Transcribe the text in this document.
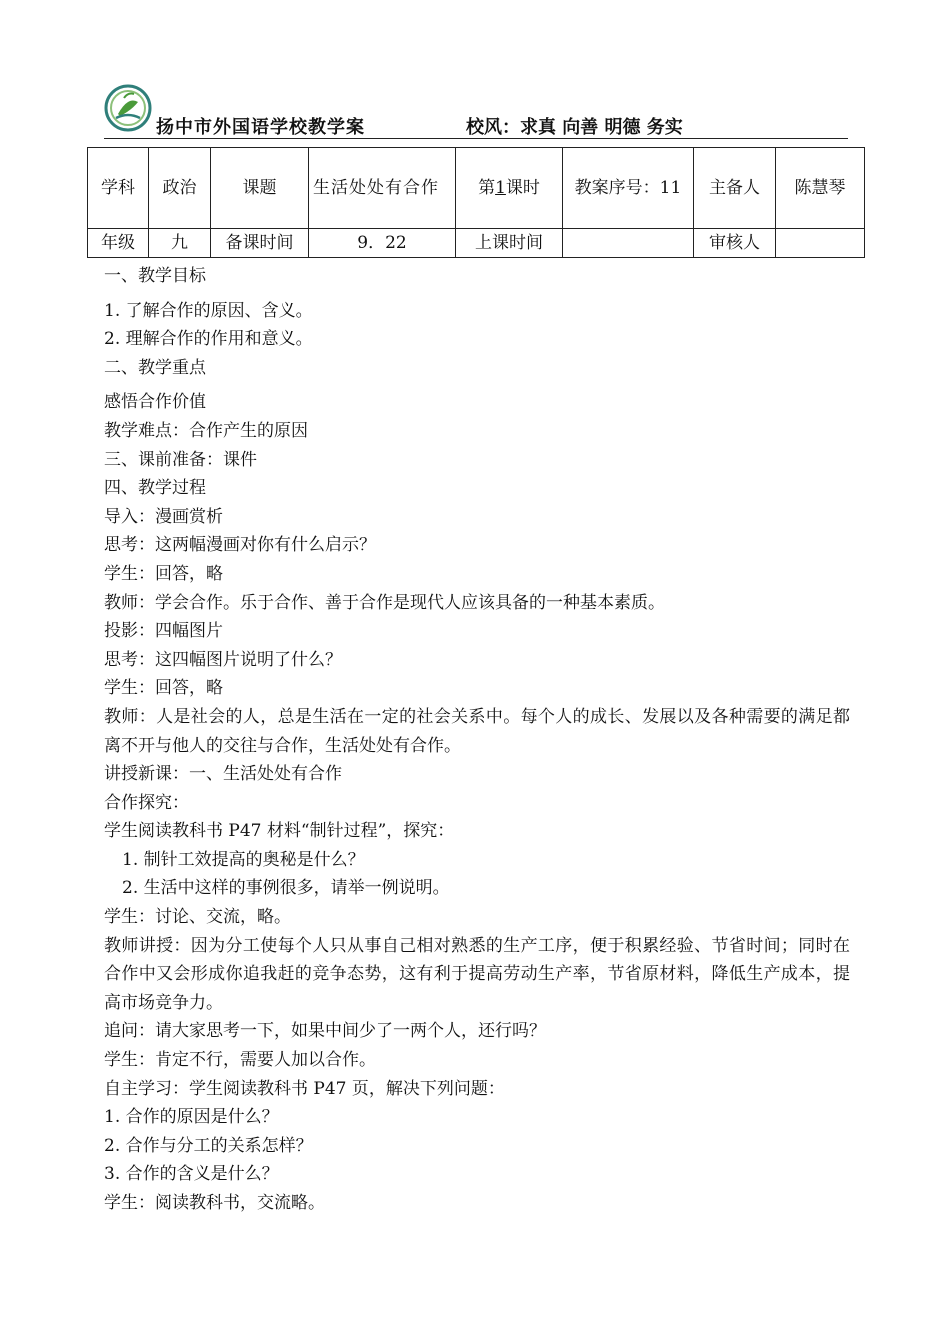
扬中市外国语学校教学案	校风：求真 向善 明德 务实
学科	政治	课题	生活处处有合作	第1课时	教案序号：11	主备人	陈慧琴
年级	九	备课时间	9．22	上课时间		审核人	

一、教学目标

1. 了解合作的原因、含义。

2. 理解合作的作用和意义。

二、教学重点

感悟合作价值

教学难点：合作产生的原因

三、课前准备：课件

四、教学过程

导入：漫画赏析

思考：这两幅漫画对你有什么启示？

学生：回答，略

教师：学会合作。乐于合作、善于合作是现代人应该具备的一种基本素质。

投影：四幅图片

思考：这四幅图片说明了什么？

学生：回答，略

教师：人是社会的人，总是生活在一定的社会关系中。每个人的成长、发展以及各种需要的满足都离不开与他人的交往与合作，生活处处有合作。

讲授新课：一、生活处处有合作

合作探究：

学生阅读教科书 P47 材料“制针过程”，探究：

1. 制针工效提高的奥秘是什么？

2. 生活中这样的事例很多，请举一例说明。

学生：讨论、交流，略。

教师讲授：因为分工使每个人只从事自己相对熟悉的生产工序，便于积累经验、节省时间；同时在合作中又会形成你追我赶的竞争态势，这有利于提高劳动生产率，节省原材料，降低生产成本，提高市场竞争力。

追问：请大家思考一下，如果中间少了一两个人，还行吗？

学生：肯定不行，需要人加以合作。

自主学习：学生阅读教科书 P47 页，解决下列问题：

1. 合作的原因是什么？

2. 合作与分工的关系怎样？

3. 合作的含义是什么？

学生：阅读教科书，交流略。
